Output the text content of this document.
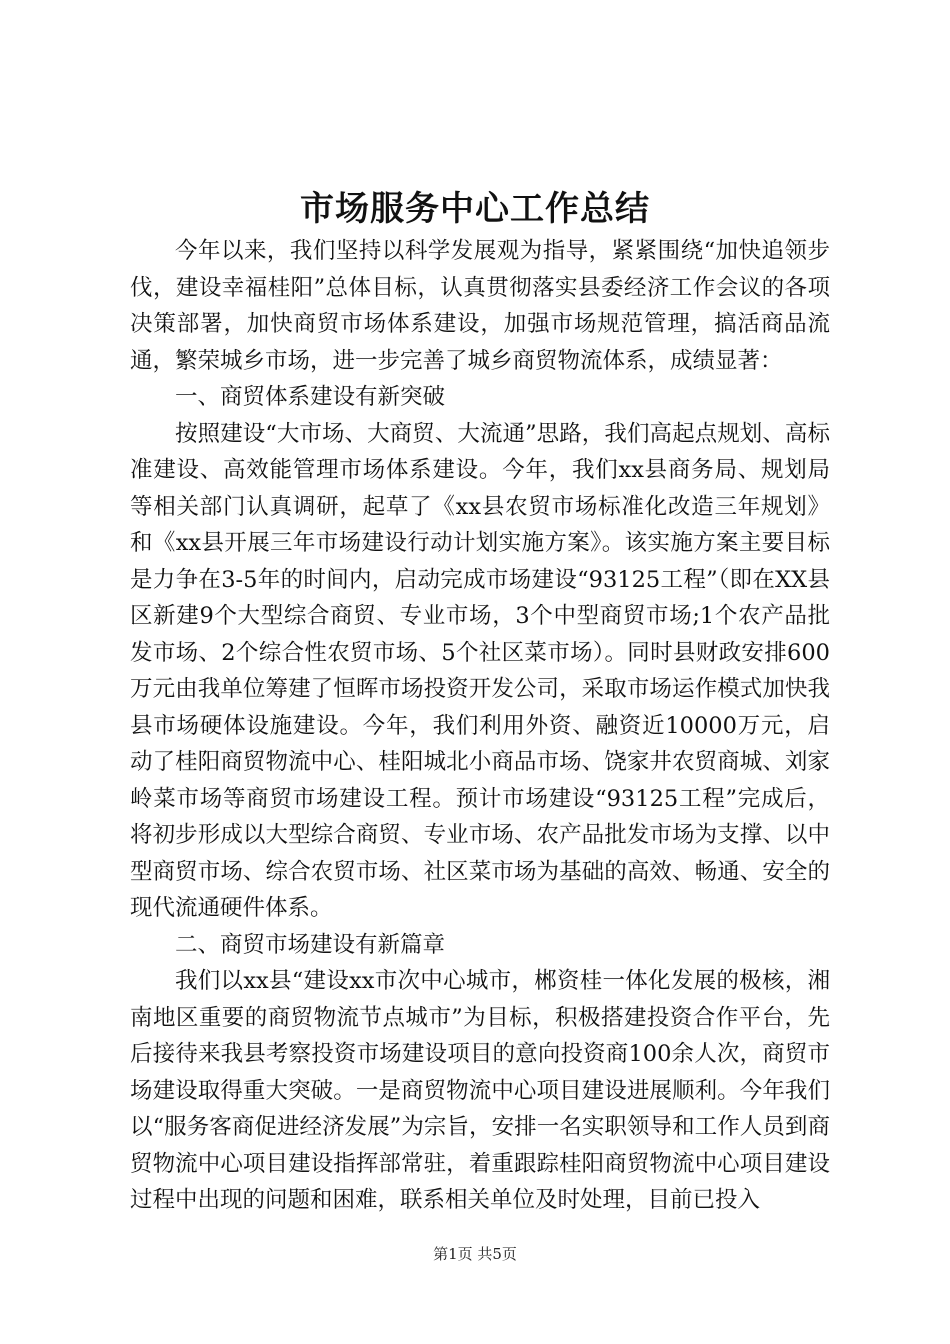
市场服务中心工作总结

今年以来，我们坚持以科学发展观为指导，紧紧围绕“加快追领步伐，建设幸福桂阳”总体目标，认真贯彻落实县委经济工作会议的各项决策部署，加快商贸市场体系建设，加强市场规范管理，搞活商品流通，繁荣城乡市场，进一步完善了城乡商贸物流体系，成绩显著：

一、商贸体系建设有新突破

按照建设“大市场、大商贸、大流通”思路，我们高起点规划、高标准建设、高效能管理市场体系建设。今年，我们xx县商务局、规划局等相关部门认真调研，起草了《xx县农贸市场标准化改造三年规划》和《xx县开展三年市场建设行动计划实施方案》。该实施方案主要目标是力争在3-5年的时间内，启动完成市场建设“93125工程”（即在XX县区新建9个大型综合商贸、专业市场，3个中型商贸市场;1个农产品批发市场、2个综合性农贸市场、5个社区菜市场）。同时县财政安排600万元由我单位筹建了恒晖市场投资开发公司，采取市场运作模式加快我县市场硬体设施建设。今年，我们利用外资、融资近10000万元，启动了桂阳商贸物流中心、桂阳城北小商品市场、饶家井农贸商城、刘家岭菜市场等商贸市场建设工程。预计市场建设“93125工程”完成后，将初步形成以大型综合商贸、专业市场、农产品批发市场为支撑、以中型商贸市场、综合农贸市场、社区菜市场为基础的高效、畅通、安全的现代流通硬件体系。

二、商贸市场建设有新篇章

我们以xx县“建设xx市次中心城市，郴资桂一体化发展的极核，湘南地区重要的商贸物流节点城市”为目标，积极搭建投资合作平台，先后接待来我县考察投资市场建设项目的意向投资商100余人次，商贸市场建设取得重大突破。一是商贸物流中心项目建设进展顺利。今年我们以“服务客商促进经济发展”为宗旨，安排一名实职领导和工作人员到商贸物流中心项目建设指挥部常驻，着重跟踪桂阳商贸物流中心项目建设过程中出现的问题和困难，联系相关单位及时处理，目前已投入

第1页 共5页
